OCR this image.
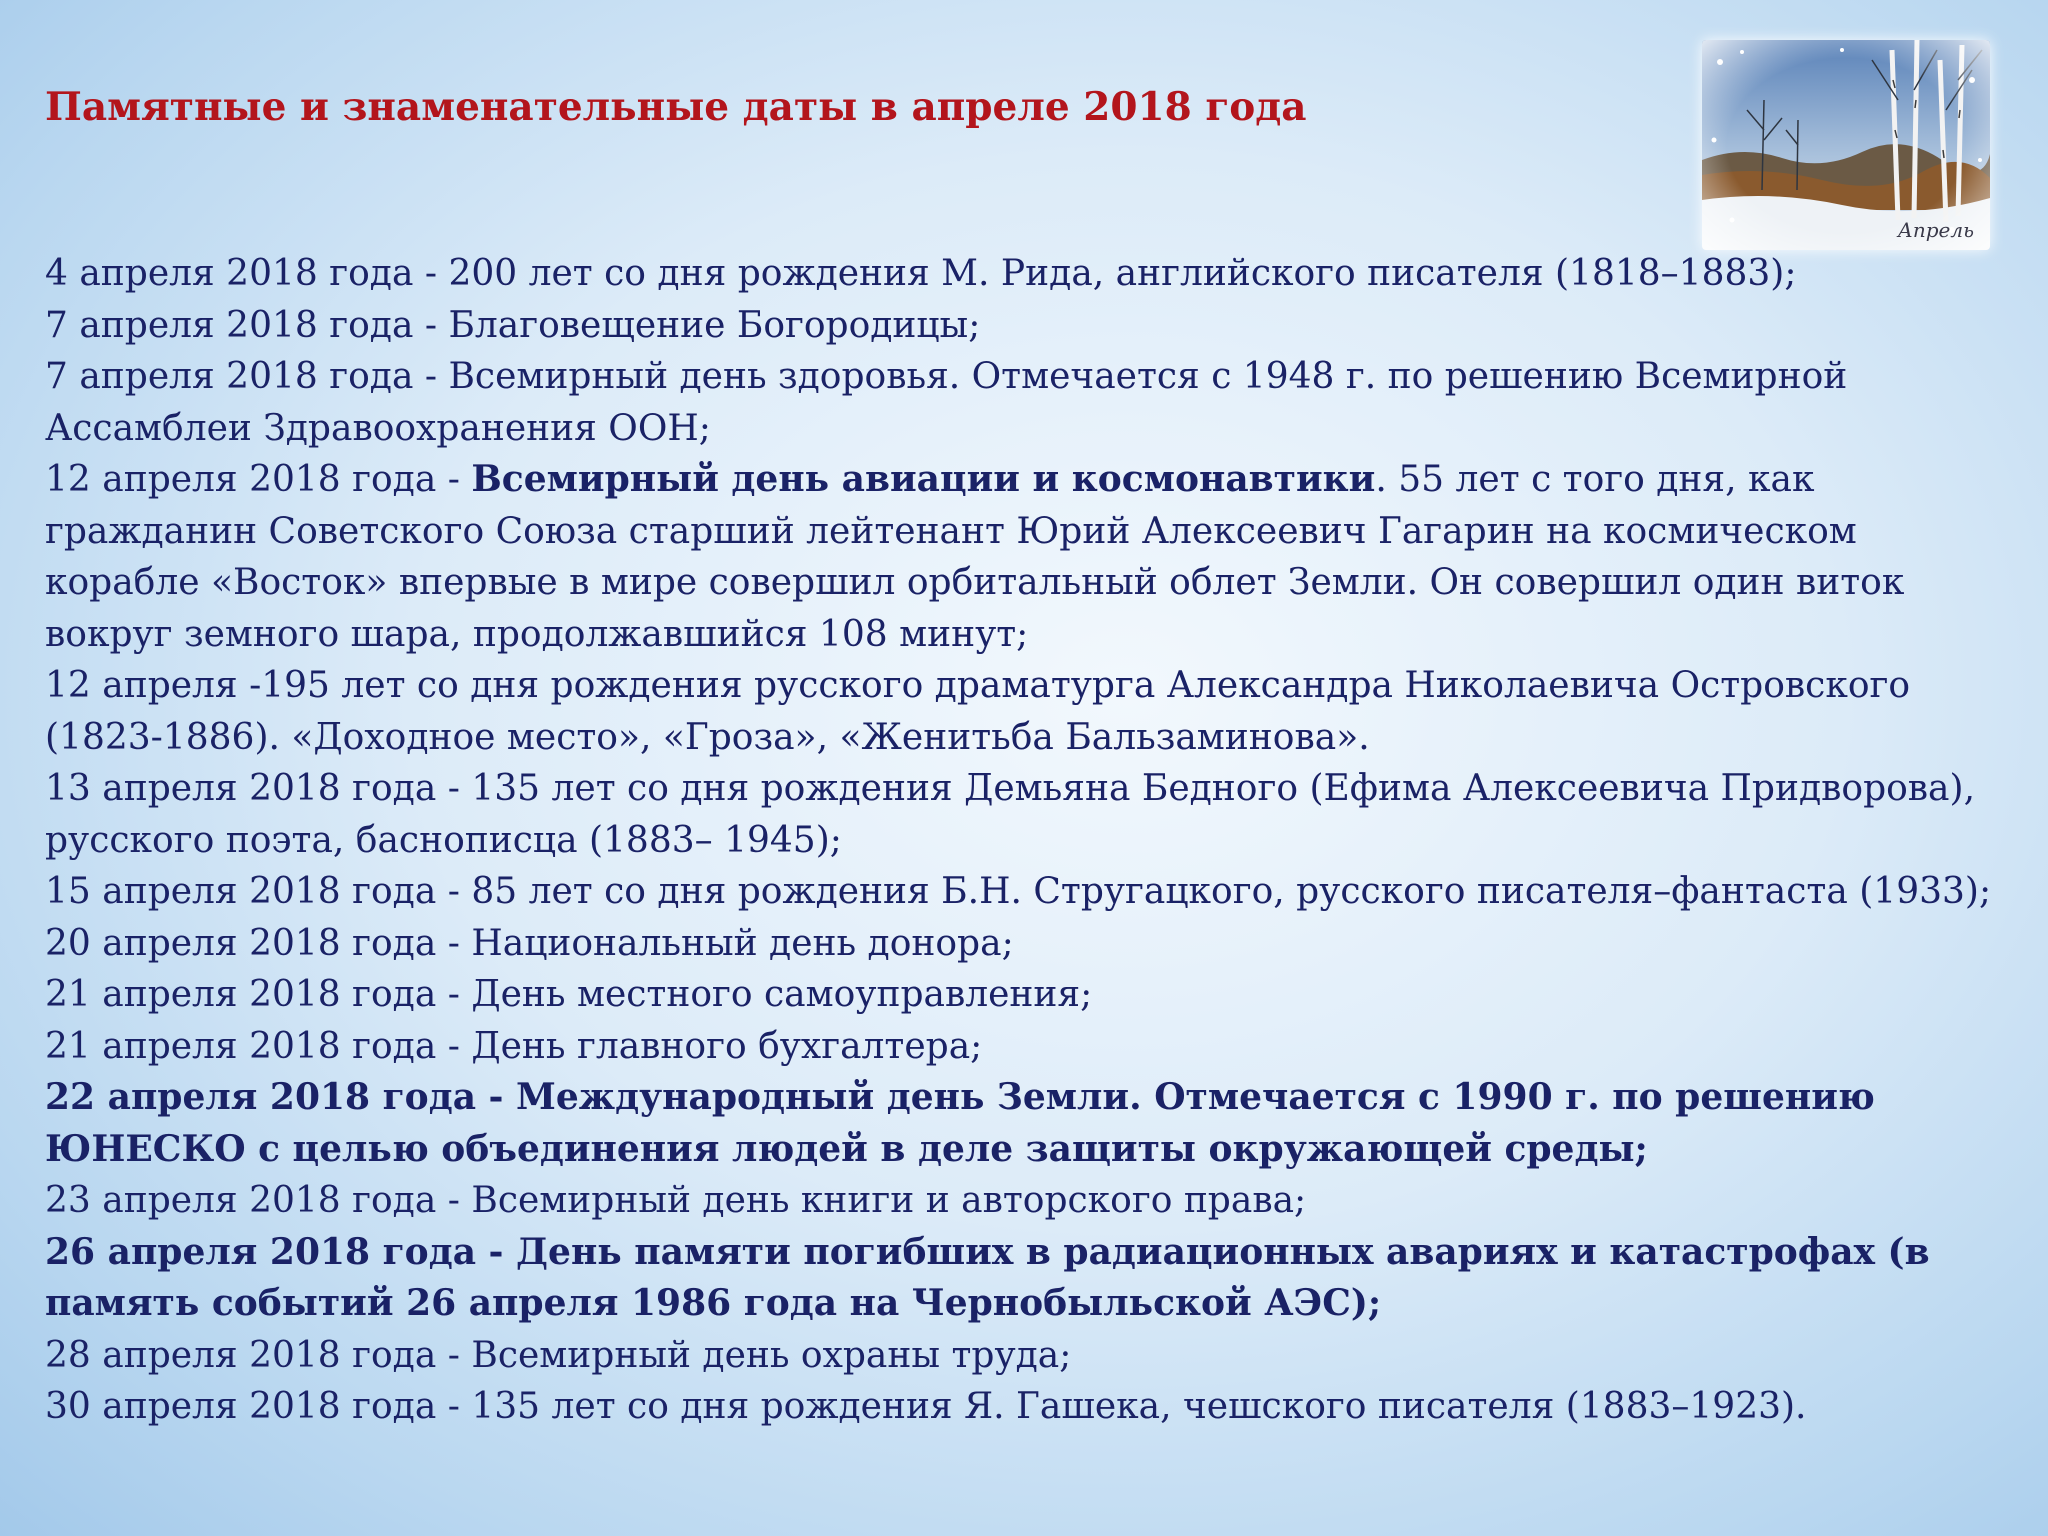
Памятные и знаменательные даты в апреле 2018 года
Апрель

4 апреля 2018 года - 200 лет со дня рождения М. Рида, английского писателя (1818–1883);

7 апреля 2018 года - Благовещение Богородицы;

7 апреля 2018 года - Всемирный день здоровья. Отмечается с 1948 г. по решению Всемирной Ассамблеи Здравоохранения ООН;

12 апреля 2018 года - Всемирный день авиации и космонавтики. 55 лет с того дня, как гражданин Советского Союза старший лейтенант Юрий Алексеевич Гагарин на космическом корабле «Восток» впервые в мире совершил орбитальный облет Земли. Он совершил один виток вокруг земного шара, продолжавшийся 108 минут;

12 апреля -195 лет со дня рождения русского драматурга Александра Николаевича Островского (1823-1886). «Доходное место», «Гроза», «Женитьба Бальзаминова».

13 апреля 2018 года - 135 лет со дня рождения Демьяна Бедного (Ефима Алексеевича Придворова), русского поэта, баснописца (1883– 1945);

15 апреля 2018 года - 85 лет со дня рождения Б.Н. Стругацкого, русского писателя–фантаста (1933);

20 апреля 2018 года - Национальный день донора;

21 апреля 2018 года - День местного самоуправления;

21 апреля 2018 года - День главного бухгалтера;

22 апреля 2018 года - Международный день Земли. Отмечается с 1990 г. по решению ЮНЕСКО с целью объединения людей в деле защиты окружающей среды;

23 апреля 2018 года - Всемирный день книги и авторского права;

26 апреля 2018 года - День памяти погибших в радиационных авариях и катастрофах (в память событий 26 апреля 1986 года на Чернобыльской АЭС);

28 апреля 2018 года - Всемирный день охраны труда;

30 апреля 2018 года - 135 лет со дня рождения Я. Гашека, чешского писателя (1883–1923).
